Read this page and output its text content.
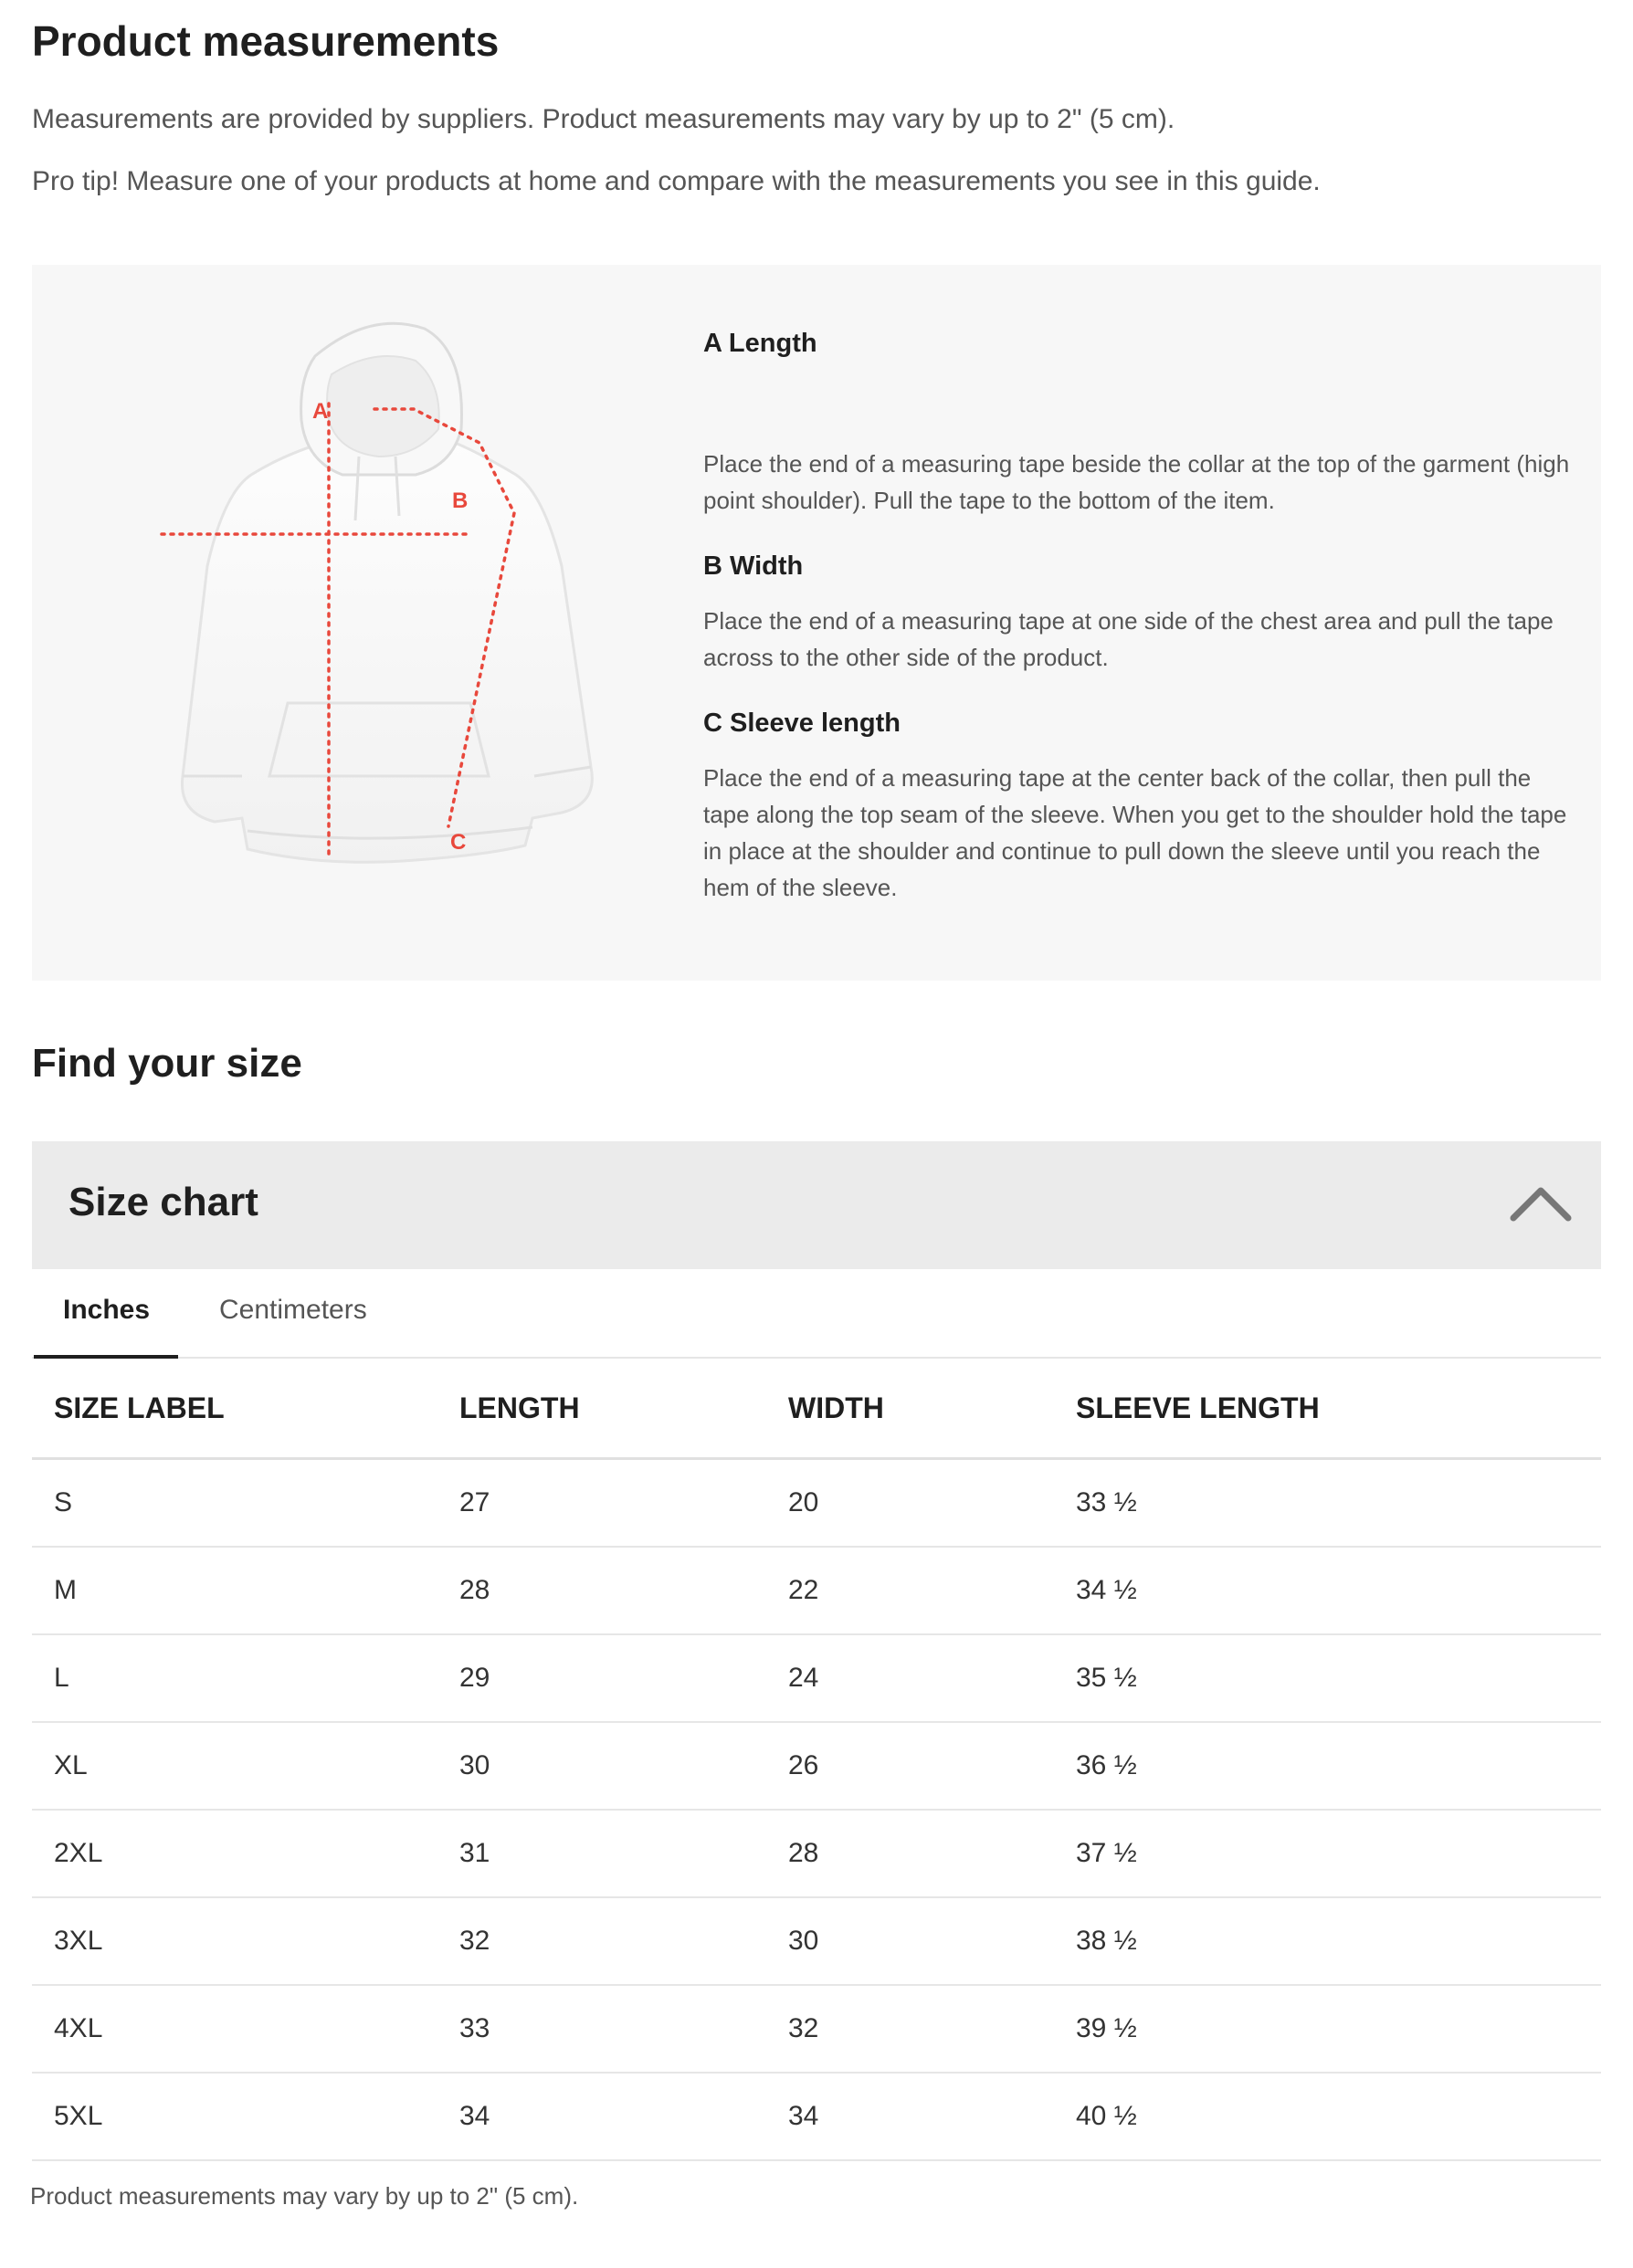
Product measurements

Measurements are provided by suppliers. Product measurements may vary by up to 2" (5 cm).

Pro tip! Measure one of your products at home and compare with the measurements you see in this guide.

A
B
C
A Length

Place the end of a measuring tape beside the collar at the top of the garment (high point shoulder). Pull the tape to the bottom of the item.

B Width

Place the end of a measuring tape at one side of the chest area and pull the tape across to the other side of the product.

C Sleeve length

Place the end of a measuring tape at the center back of the collar, then pull the tape along the top seam of the sleeve. When you get to the shoulder hold the tape in place at the shoulder and continue to pull down the sleeve until you reach the hem of the sleeve.

Find your size
Size chart
Inches	Centimeters
SIZE LABEL	LENGTH	WIDTH	SLEEVE LENGTH
S	27	20	33 ½
M	28	22	34 ½
L	29	24	35 ½
XL	30	26	36 ½
2XL	31	28	37 ½
3XL	32	30	38 ½
4XL	33	32	39 ½
5XL	34	34	40 ½
Product measurements may vary by up to 2" (5 cm).
